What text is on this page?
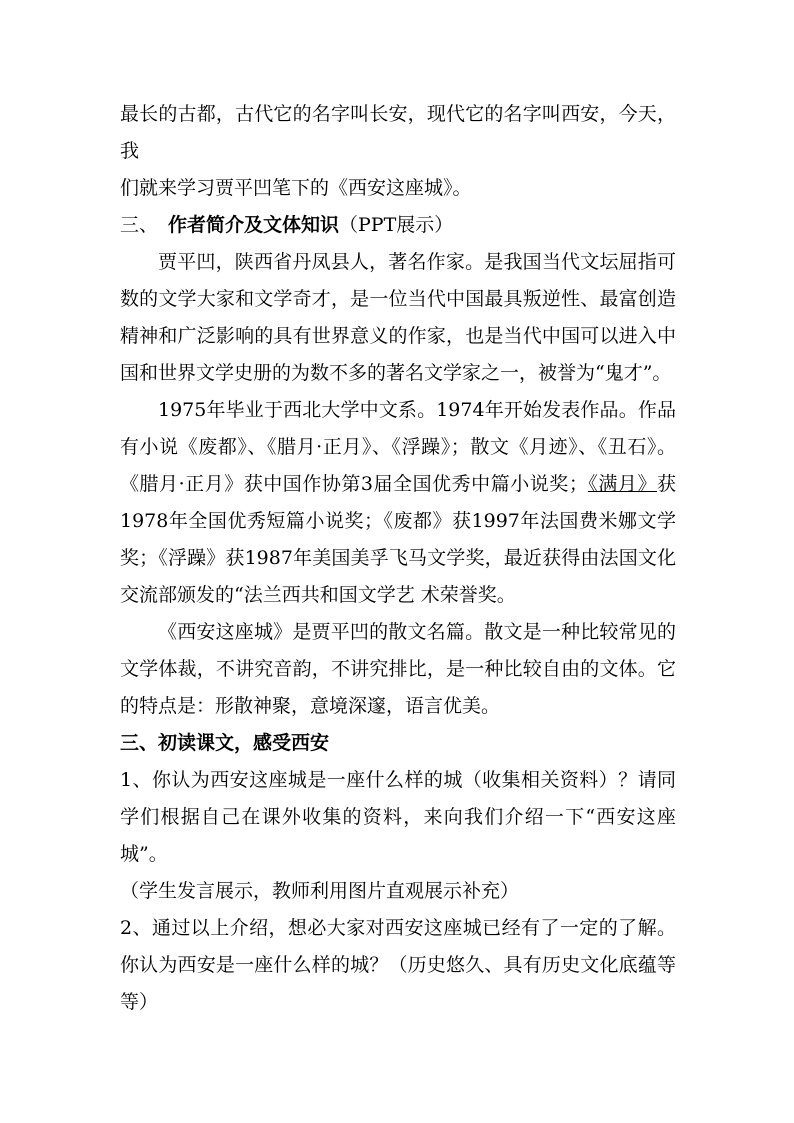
最长的古都，古代它的名字叫长安，现代它的名字叫西安，今天，我

们就来学习贾平凹笔下的《西安这座城》。

三、 作者简介及文体知识（PPT展示）

贾平凹，陕西省丹凤县人，著名作家。是我国当代文坛屈指可数的文学大家和文学奇才，是一位当代中国最具叛逆性、最富创造精神和广泛影响的具有世界意义的作家，也是当代中国可以进入中国和世界文学史册的为数不多的著名文学家之一，被誉为“鬼才”。

1975年毕业于西北大学中文系。1974年开始发表作品。作品有小说《废都》、《腊月·正月》、《浮躁》；散文《月迹》、《丑石》。《腊月·正月》获中国作协第3届全国优秀中篇小说奖；《满月》获1978年全国优秀短篇小说奖；《废都》获1997年法国费米娜文学奖；《浮躁》获1987年美国美孚飞马文学奖，最近获得由法国文化交流部颁发的“法兰西共和国文学艺 术荣誉奖。

《西安这座城》是贾平凹的散文名篇。散文是一种比较常见的文学体裁，不讲究音韵，不讲究排比，是一种比较自由的文体。它的特点是：形散神聚，意境深邃，语言优美。

三、初读课文，感受西安

1、你认为西安这座城是一座什么样的城（收集相关资料）？请同学们根据自己在课外收集的资料，来向我们介绍一下“西安这座城”。

（学生发言展示，教师利用图片直观展示补充）

2、通过以上介绍，想必大家对西安这座城已经有了一定的了解。你认为西安是一座什么样的城？（历史悠久、具有历史文化底蕴等等）
